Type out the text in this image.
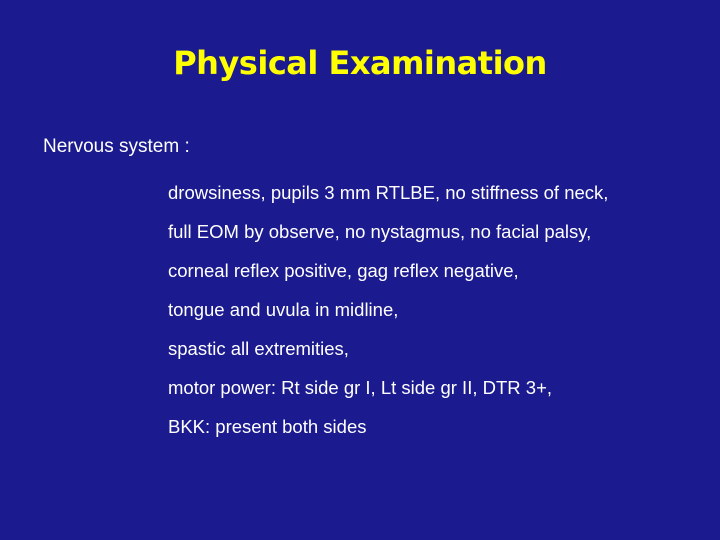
Physical Examination
Nervous system :
drowsiness, pupils 3 mm RTLBE, no stiffness of neck,
full EOM by observe, no nystagmus, no facial palsy,
corneal reflex positive, gag reflex negative,
tongue and uvula in midline,
spastic all extremities,
motor power: Rt side gr I, Lt side gr II, DTR 3+,
BKK: present both sides
